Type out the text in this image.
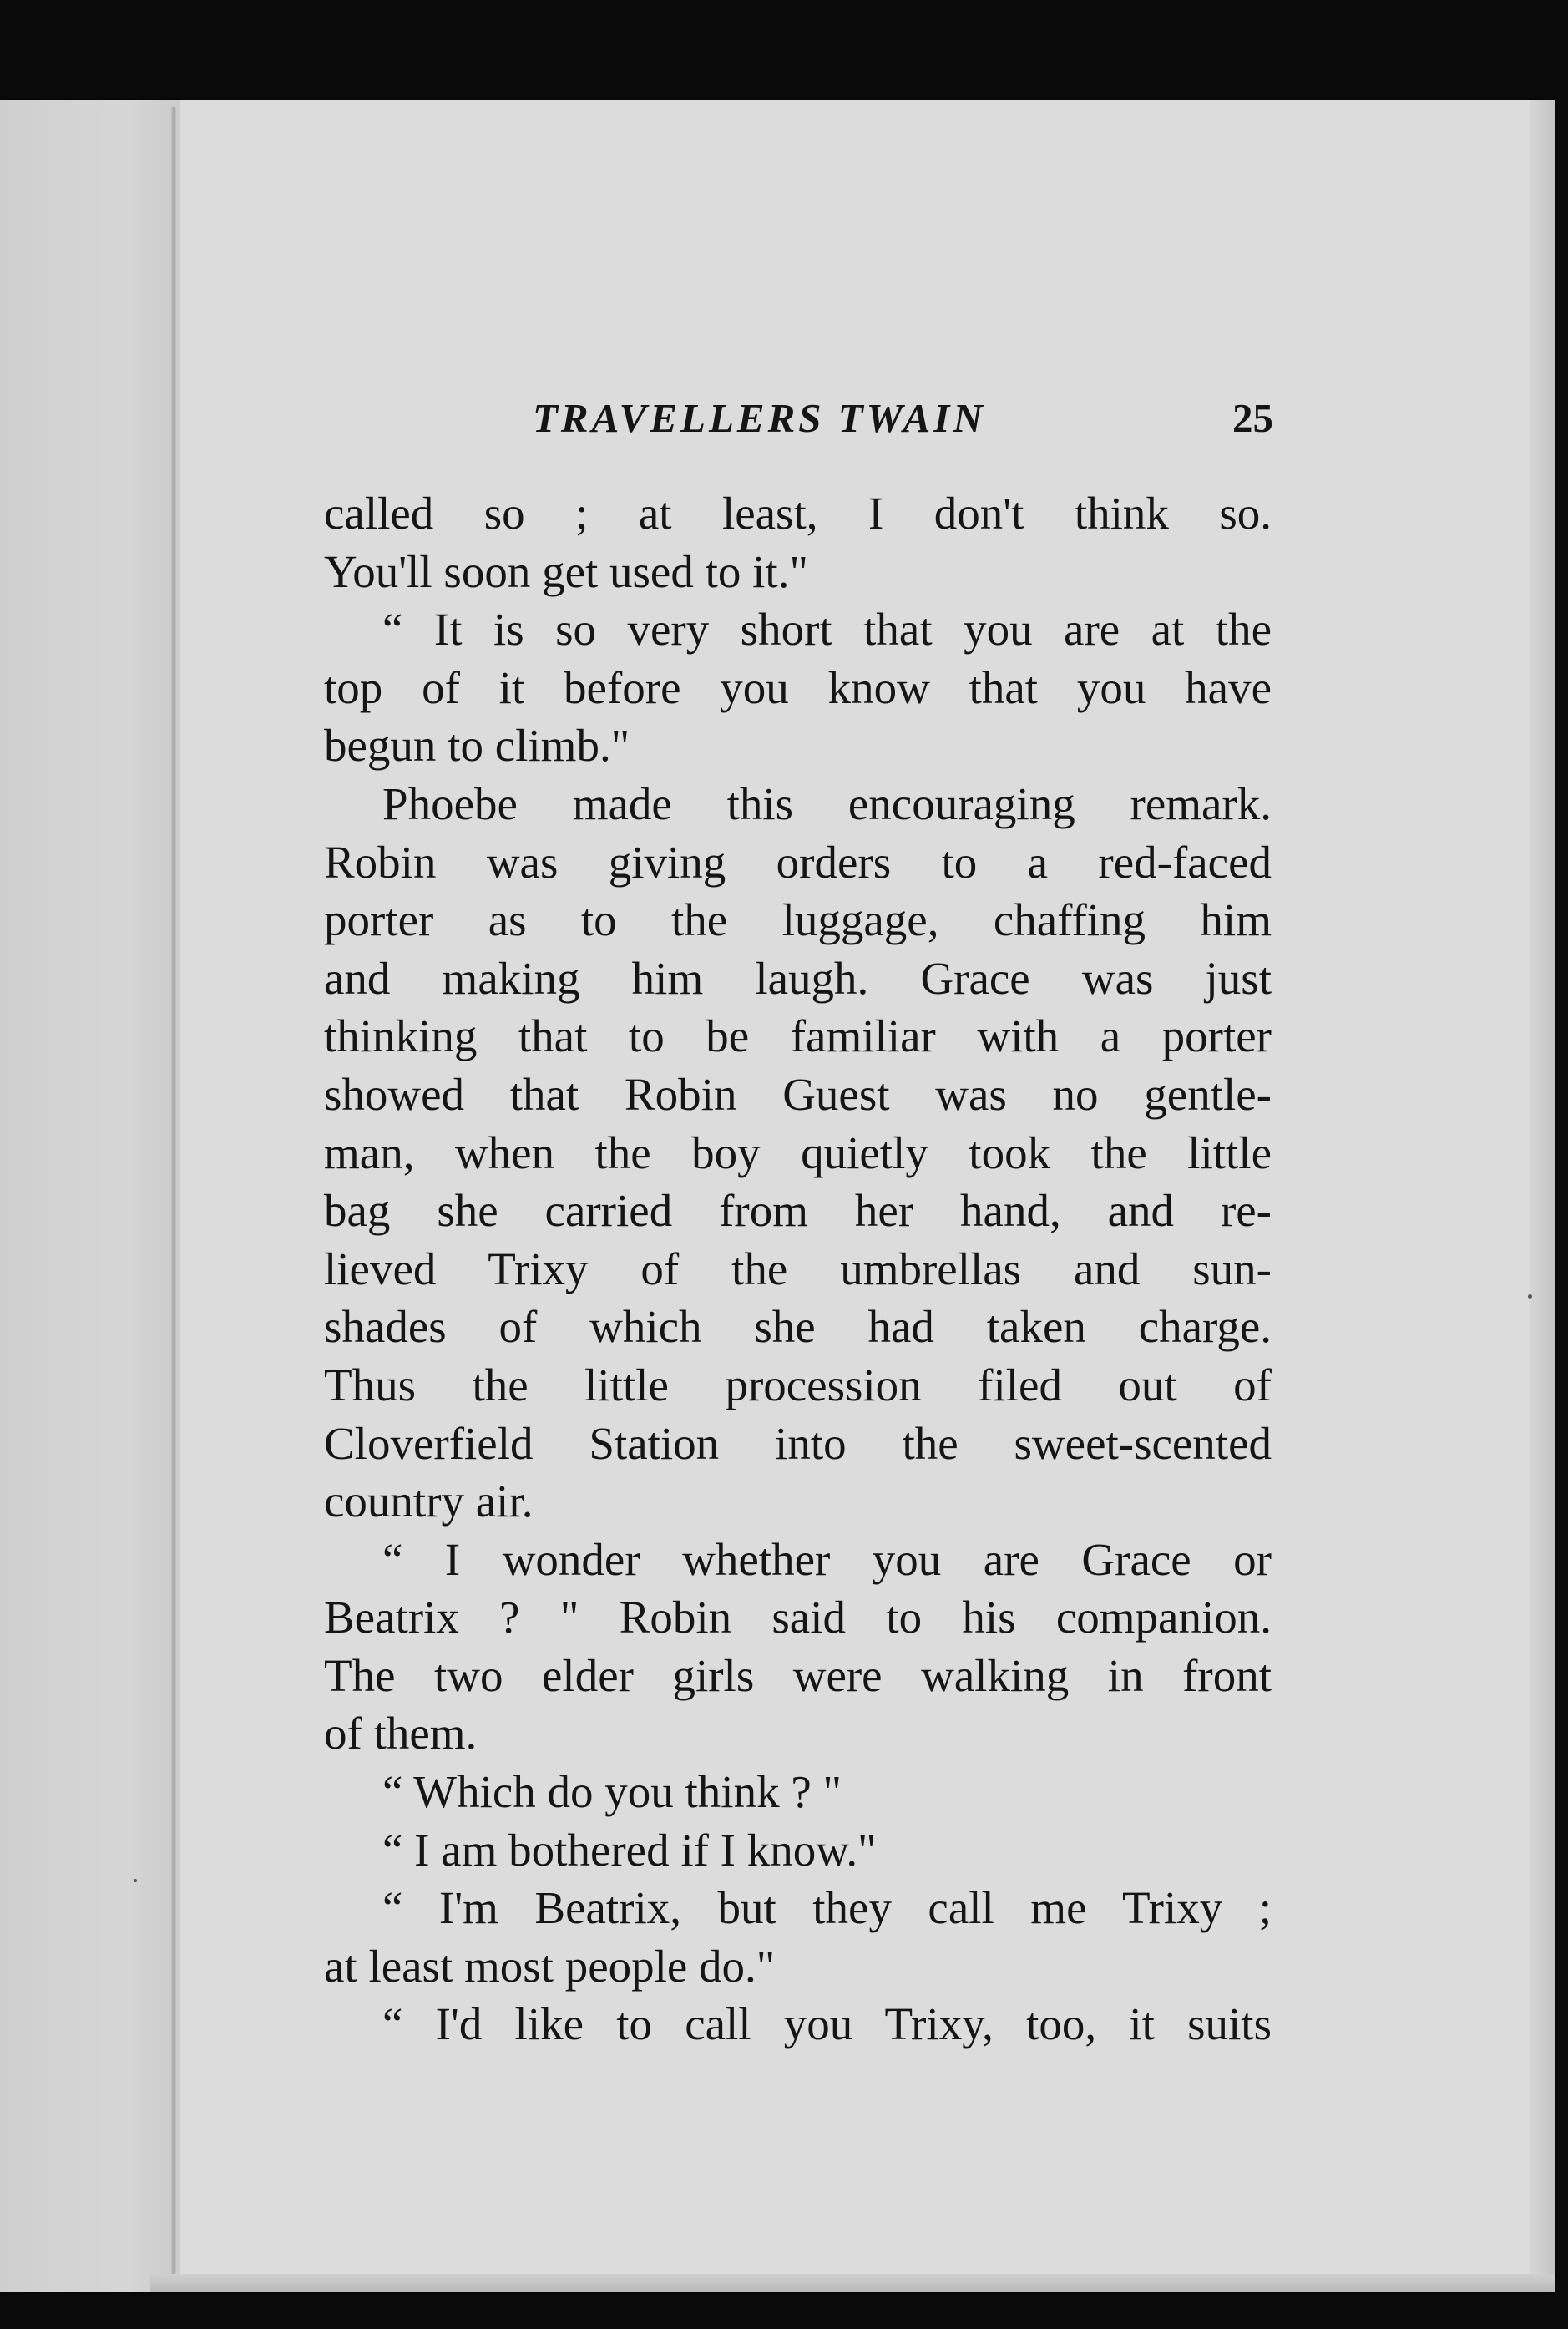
TRAVELLERS TWAIN	25
called so ; at least, I don't think so.
You'll soon get used to it."
“ It is so very short that you are at the
top of it before you know that you have
begun to climb."
Phoebe made this encouraging remark.
Robin was giving orders to a red-faced
porter as to the luggage, chaffing him
and making him laugh. Grace was just
thinking that to be familiar with a porter
showed that Robin Guest was no gentle-
man, when the boy quietly took the little
bag she carried from her hand, and re-
lieved Trixy of the umbrellas and sun-
shades of which she had taken charge.
Thus the little procession filed out of
Cloverfield Station into the sweet-scented
country air.
“ I wonder whether you are Grace or
Beatrix ? " Robin said to his companion.
The two elder girls were walking in front
of them.
“ Which do you think ? "
“ I am bothered if I know."
“ I'm Beatrix, but they call me Trixy ;
at least most people do."
“ I'd like to call you Trixy, too, it suits
